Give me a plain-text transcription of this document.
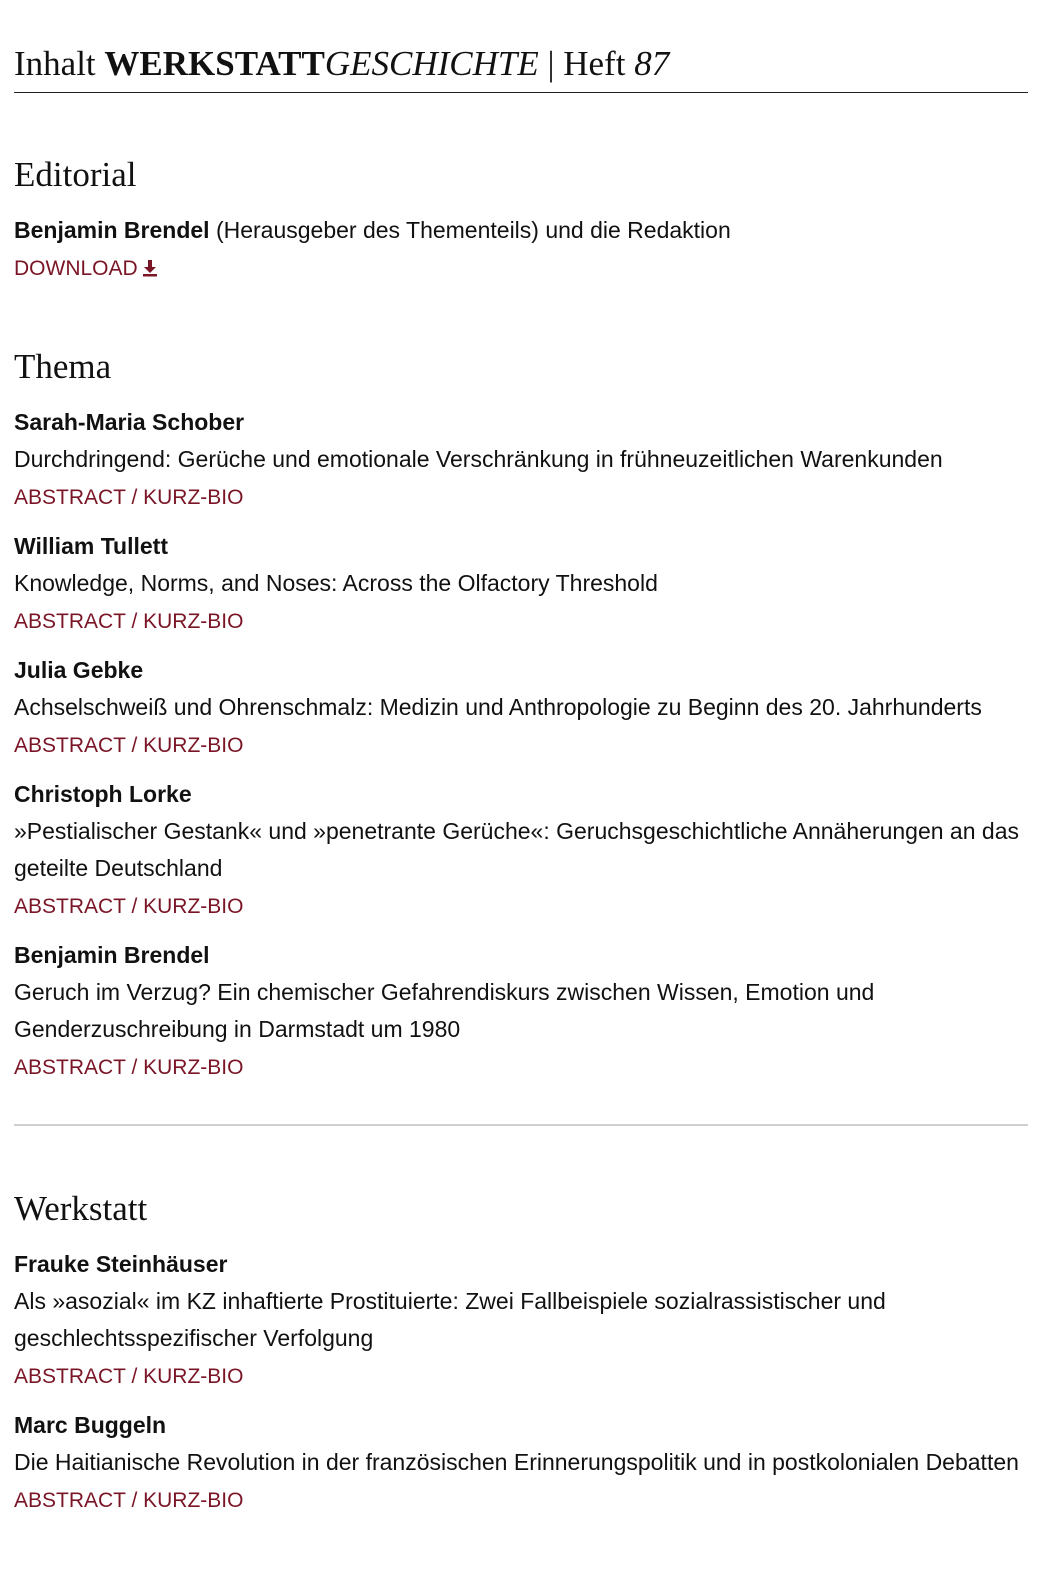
Inhalt WERKSTATTGESCHICHTE | Heft 87
Editorial
Benjamin Brendel (Herausgeber des Thementeils) und die Redaktion
DOWNLOAD
Thema
Sarah-Maria Schober
Durchdringend: Gerüche und emotionale Verschränkung in frühneuzeitlichen Warenkunden
ABSTRACT / KURZ-BIO
William Tullett
Knowledge, Norms, and Noses: Across the Olfactory Threshold
ABSTRACT / KURZ-BIO
Julia Gebke
Achselschweiß und Ohrenschmalz: Medizin und Anthropologie zu Beginn des 20. Jahrhunderts
ABSTRACT / KURZ-BIO
Christoph Lorke
»Pestialischer Gestank« und »penetrante Gerüche«: Geruchsgeschichtliche Annäherungen an das geteilte Deutschland
ABSTRACT / KURZ-BIO
Benjamin Brendel
Geruch im Verzug? Ein chemischer Gefahrendiskurs zwischen Wissen, Emotion und Genderzuschreibung in Darmstadt um 1980
ABSTRACT / KURZ-BIO
Werkstatt
Frauke Steinhäuser
Als »asozial« im KZ inhaftierte Prostituierte: Zwei Fallbeispiele sozialrassistischer und geschlechtsspezifischer Verfolgung
ABSTRACT / KURZ-BIO
Marc Buggeln
Die Haitianische Revolution in der französischen Erinnerungspolitik und in postkolonialen Debatten
ABSTRACT / KURZ-BIO
